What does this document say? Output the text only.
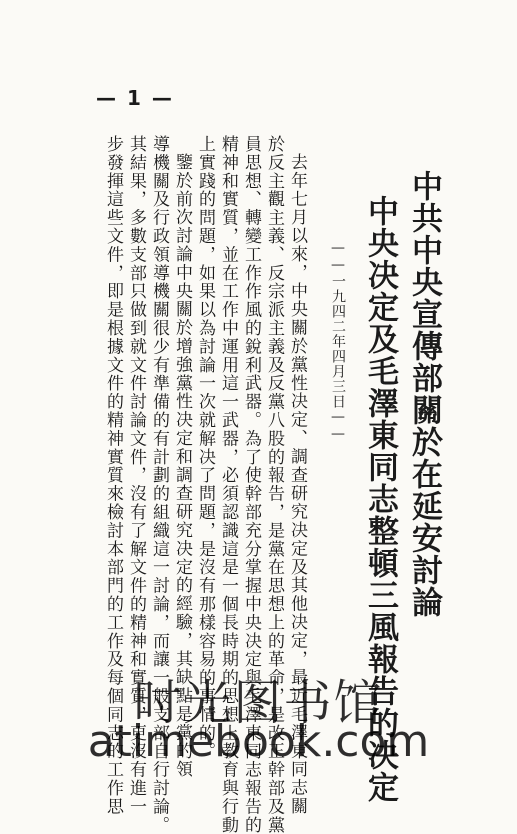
— 1 —
中共中央宣傳部關於在延安討論
中央决定及毛澤東同志整頓三風報告的决定
——一九四二年四月三日——
去年七月以來，中央關於黨性决定、調查研究决定及其他决定，最近毛澤東同志關
於反主觀主義、反宗派主義及反黨八股的報告，是黨在思想上的革命，是改正幹部及黨
員思想、轉變工作作風的銳利武器。為了使幹部充分掌握中央决定與毛澤東同志報告的
精神和實質，並在工作中運用這一武器，必須認識這是一個長時期的思想上教育與行動
上實踐的問題，如果以為討論一次就解决了問題，是沒有那樣容易的事情的。
鑒於前次討論中央關於增強黨性决定和調查研究决定的經驗，其缺點是黨的領
導機關及行政領導機關很少有準備的有計劃的組織這一討論，而讓一般支部自行討論。
其結果，多數支部只做到就文件討論文件，沒有了解文件的精神和實質，更沒有進一
步發揮這些文件，即是根據文件的精神實質來檢討本部門的工作及每個同志的工作思 时光图书馆
atimebook.com
